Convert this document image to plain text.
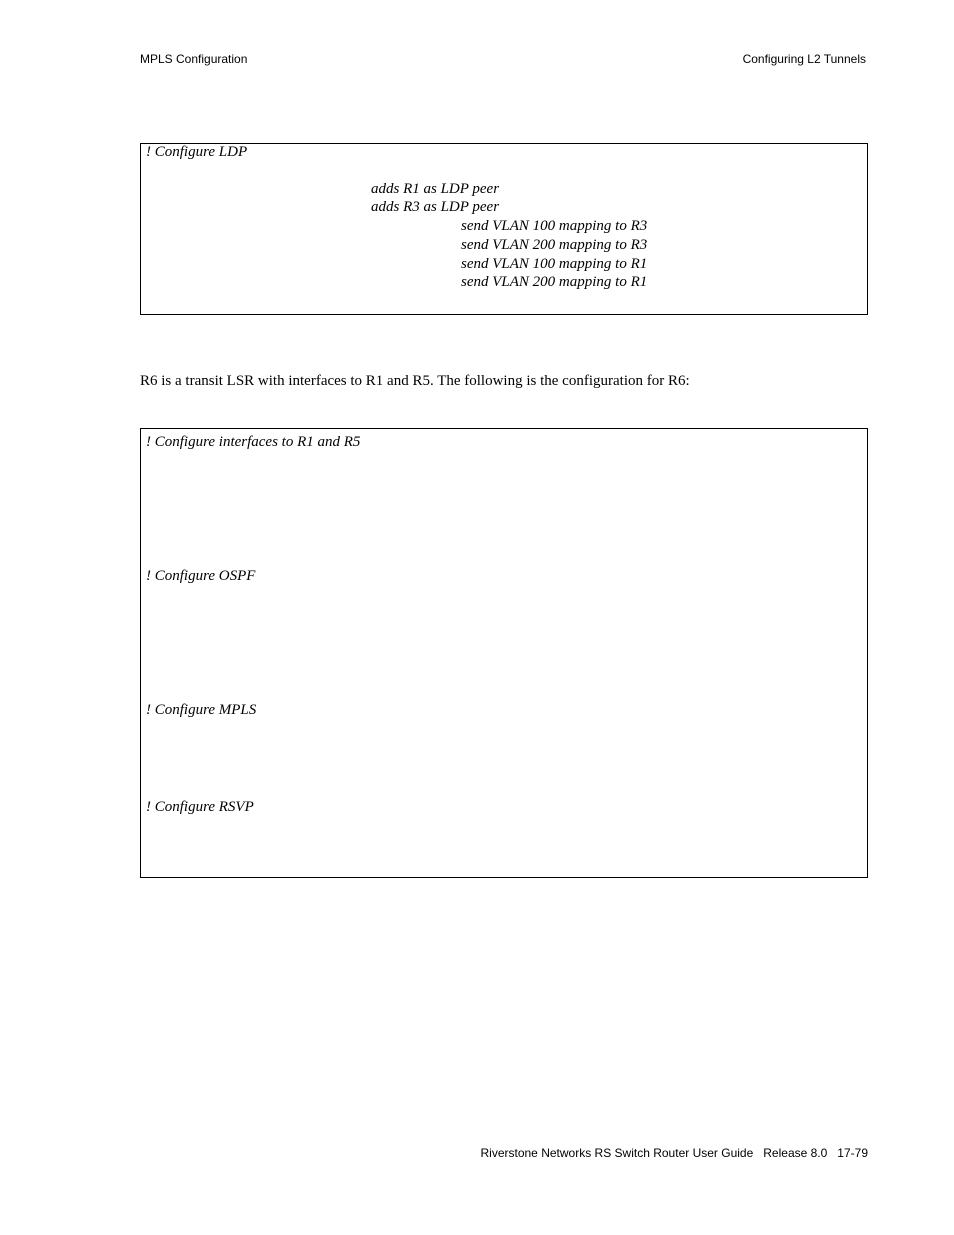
MPLS Configuration	Configuring L2 Tunnels
! Configure LDP
adds R1 as LDP peer
adds R3 as LDP peer
send VLAN 100 mapping to R3
send VLAN 200 mapping to R3
send VLAN 100 mapping to R1
send VLAN 200 mapping to R1
R6 is a transit LSR with interfaces to R1 and R5. The following is the configuration for R6:
! Configure interfaces to R1 and R5
! Configure OSPF
! Configure MPLS
! Configure RSVP
Riverstone Networks RS Switch Router User Guide   Release 8.0   17-79
